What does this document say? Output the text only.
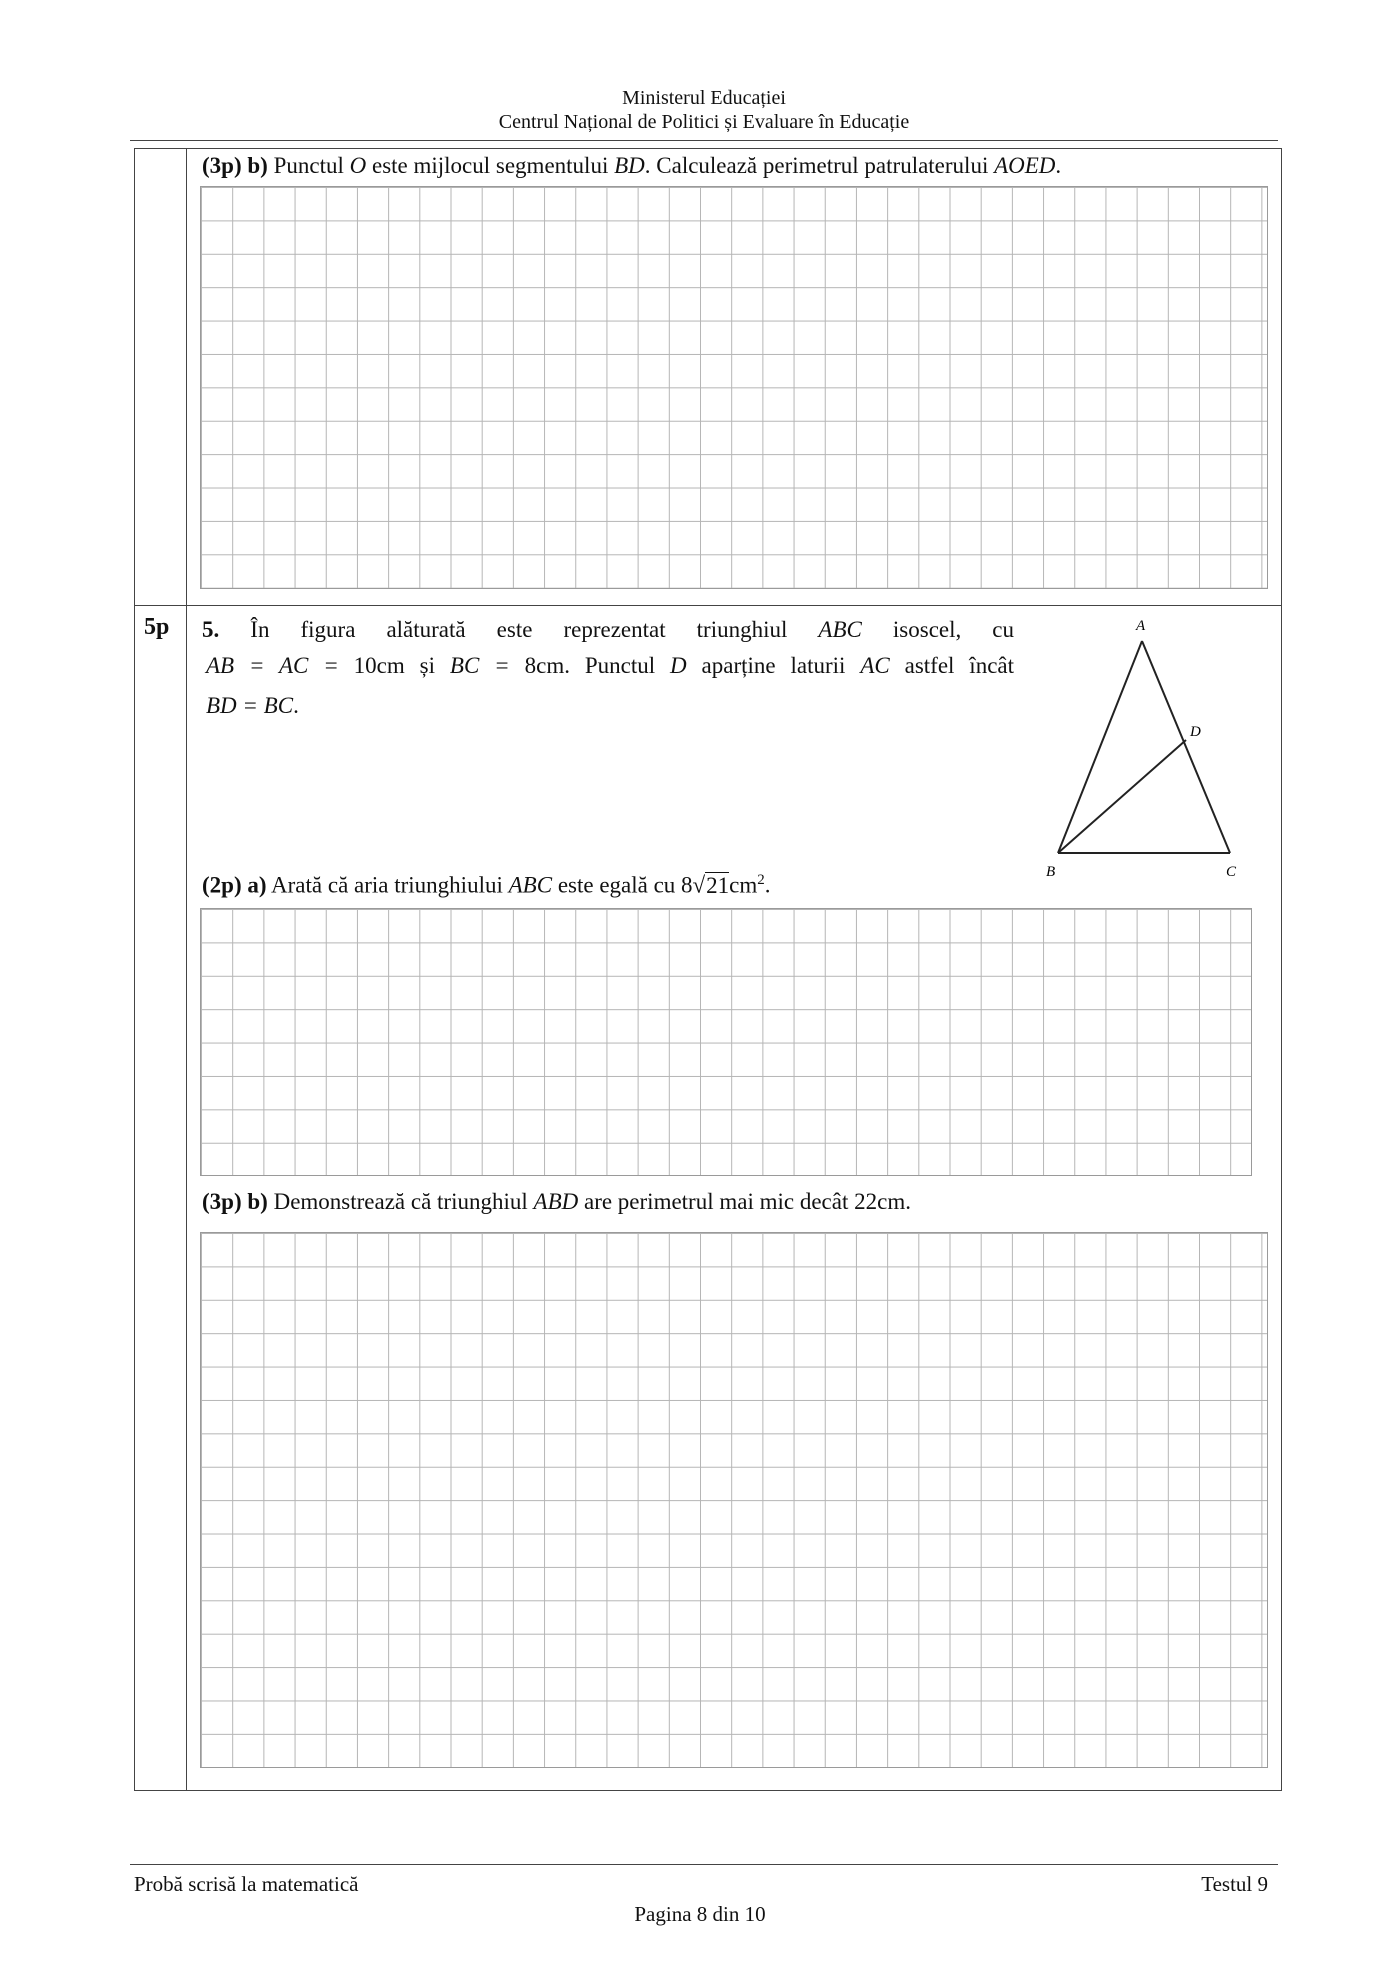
Ministerul Educației
Centrul Național de Politici și Evaluare în Educație
(3p) b) Punctul O este mijlocul segmentului BD. Calculează perimetrul patrulaterului AOED.
5p 5. În figura alăturată este reprezentat triunghiul ABC isoscel, cu
AB = AC = 10cm și BC = 8cm. Punctul D aparține laturii AC astfel încât
BD = BC.
A
B	C
D
(2p) a) Arată că aria triunghiului ABC este egală cu $8√21cm^2$.
(3p) b) Demonstrează că triunghiul ABD are perimetrul mai mic decât 22cm.
Probă scrisă la matematică	Testul 9
Pagina 8 din 10
